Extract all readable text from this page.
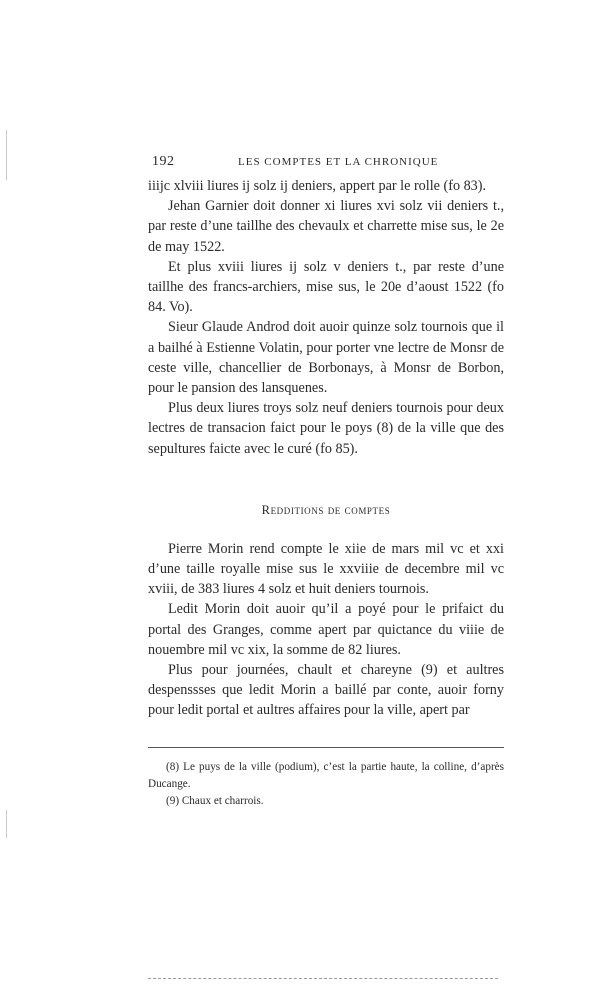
192	LES COMPTES ET LA CHRONIQUE

iiijc xlviii liures ij solz ij deniers, appert par le rolle (fo 83).

Jehan Garnier doit donner xi liures xvi solz vii deniers t., par reste d’une taillhe des chevaulx et charrette mise sus, le 2e de may 1522.

Et plus xviii liures ij solz v deniers t., par reste d’une taillhe des francs-archiers, mise sus, le 20e d’aoust 1522 (fo 84. Vo).

Sieur Glaude Androd doit auoir quinze solz tournois que il a bailhé à Estienne Volatin, pour porter vne lectre de Monsr de ceste ville, chancellier de Borbonays, à Monsr de Borbon, pour le pansion des lansquenes.

Plus deux liures troys solz neuf deniers tournois pour deux lectres de transacion faict pour le poys (8) de la ville que des sepultures faicte avec le curé (fo 85).

Redditions de comptes

Pierre Morin rend compte le xiie de mars mil vc et xxi d’une taille royalle mise sus le xxviiie de decembre mil vc xviii, de 383 liures 4 solz et huit deniers tournois.

Ledit Morin doit auoir qu’il a poyé pour le prifaict du portal des Granges, comme apert par quictance du viiie de nouembre mil vc xix, la somme de 82 liures.

Plus pour journées, chault et chareyne (9) et aultres despenssses que ledit Morin a baillé par conte, auoir forny pour ledit portal et aultres affaires pour la ville, apert par

(8) Le puys de la ville (podium), c’est la partie haute, la colline, d’après Ducange.

(9) Chaux et charrois.
